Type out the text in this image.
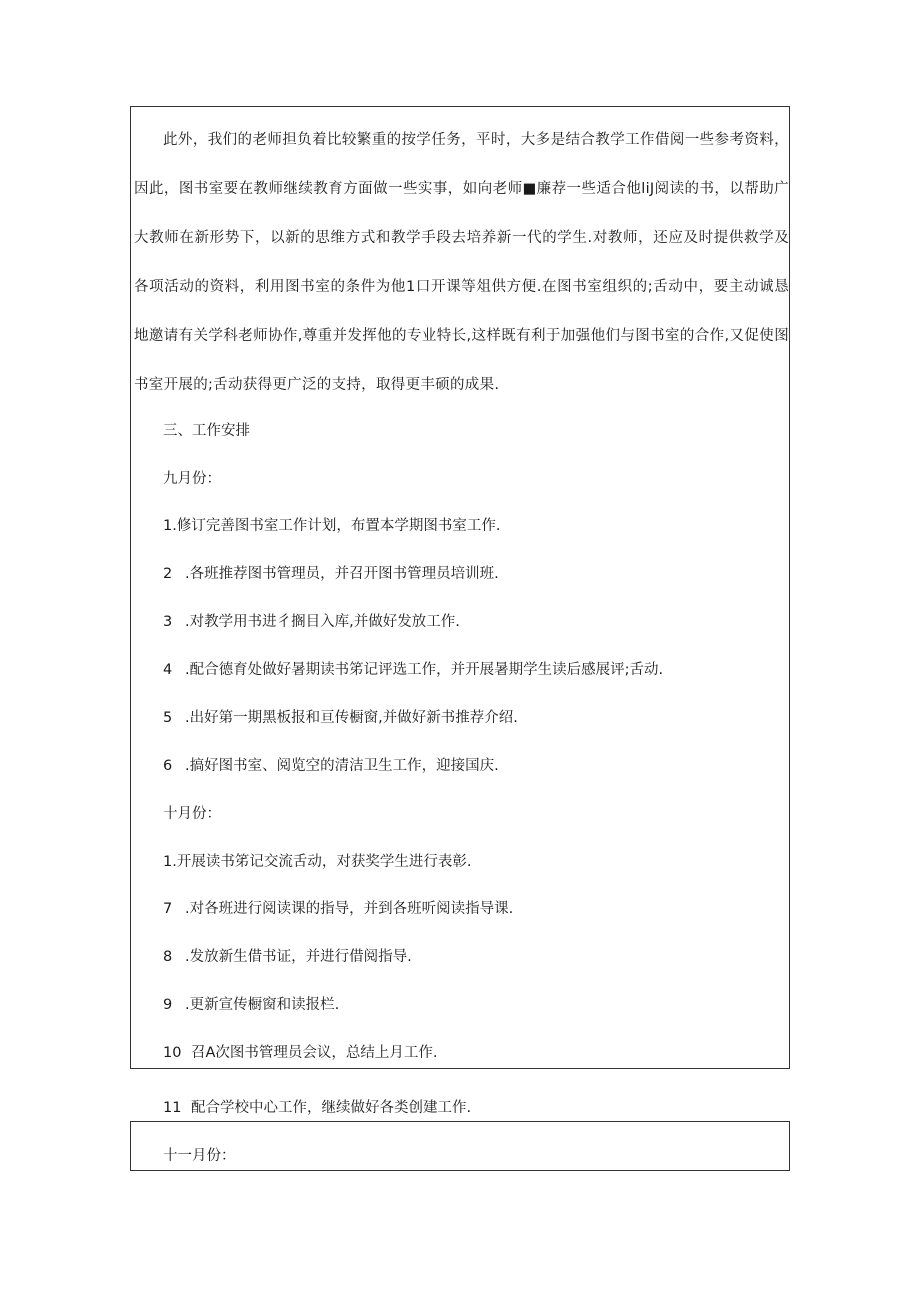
此外，我们的老师担负着比较繁重的按学任务，平时，大多是结合教学工作借阅一些参考资料，因此，图书室要在教师继续教育方面做一些实事，如向老师■廉荐一些适合他liJ阅读的书，以帮助广大教师在新形势下，以新的思维方式和教学手段去培养新一代的学生.对教师，还应及时提供救学及各项活动的资料，利用图书室的条件为他1口开课等俎供方便.在图书室组织的;舌动中，要主动诚恳地邀请有关学科老师协作,尊重并发挥他的专业特长,这样既有利于加强他们与图书室的合作,又促使图书室开展的;舌动获得更广泛的支持，取得更丰硕的成果.

三、工作安排

九月份：

1.修订完善图书室工作计划，布置本学期图书室工作.

2 .各班推荐图书管理员，并召开图书管理员培训班.

3 .对教学用书进彳搁目入库,并做好发放工作.

4 .配合德育处做好暑期读书笫记评选工作，并开展暑期学生读后感展评;舌动.

5 .出好第一期黑板报和亘传橱窗,并做好新书推荐介绍.

6 .搞好图书室、阅览空的清洁卫生工作，迎接国庆.

十月份：

1.开展读书笫记交流舌动，对获奖学生进行表彰.

7 .对各班进行阅读课的指导，并到各班听阅读指导课.

8 .发放新生借书证，并进行借阅指导.

9 .更新宣传橱窗和读报栏.

10 召A次图书管理员会议，总结上月工作.

11 配合学校中心工作，继续做好各类创建工作.

十一月份：
